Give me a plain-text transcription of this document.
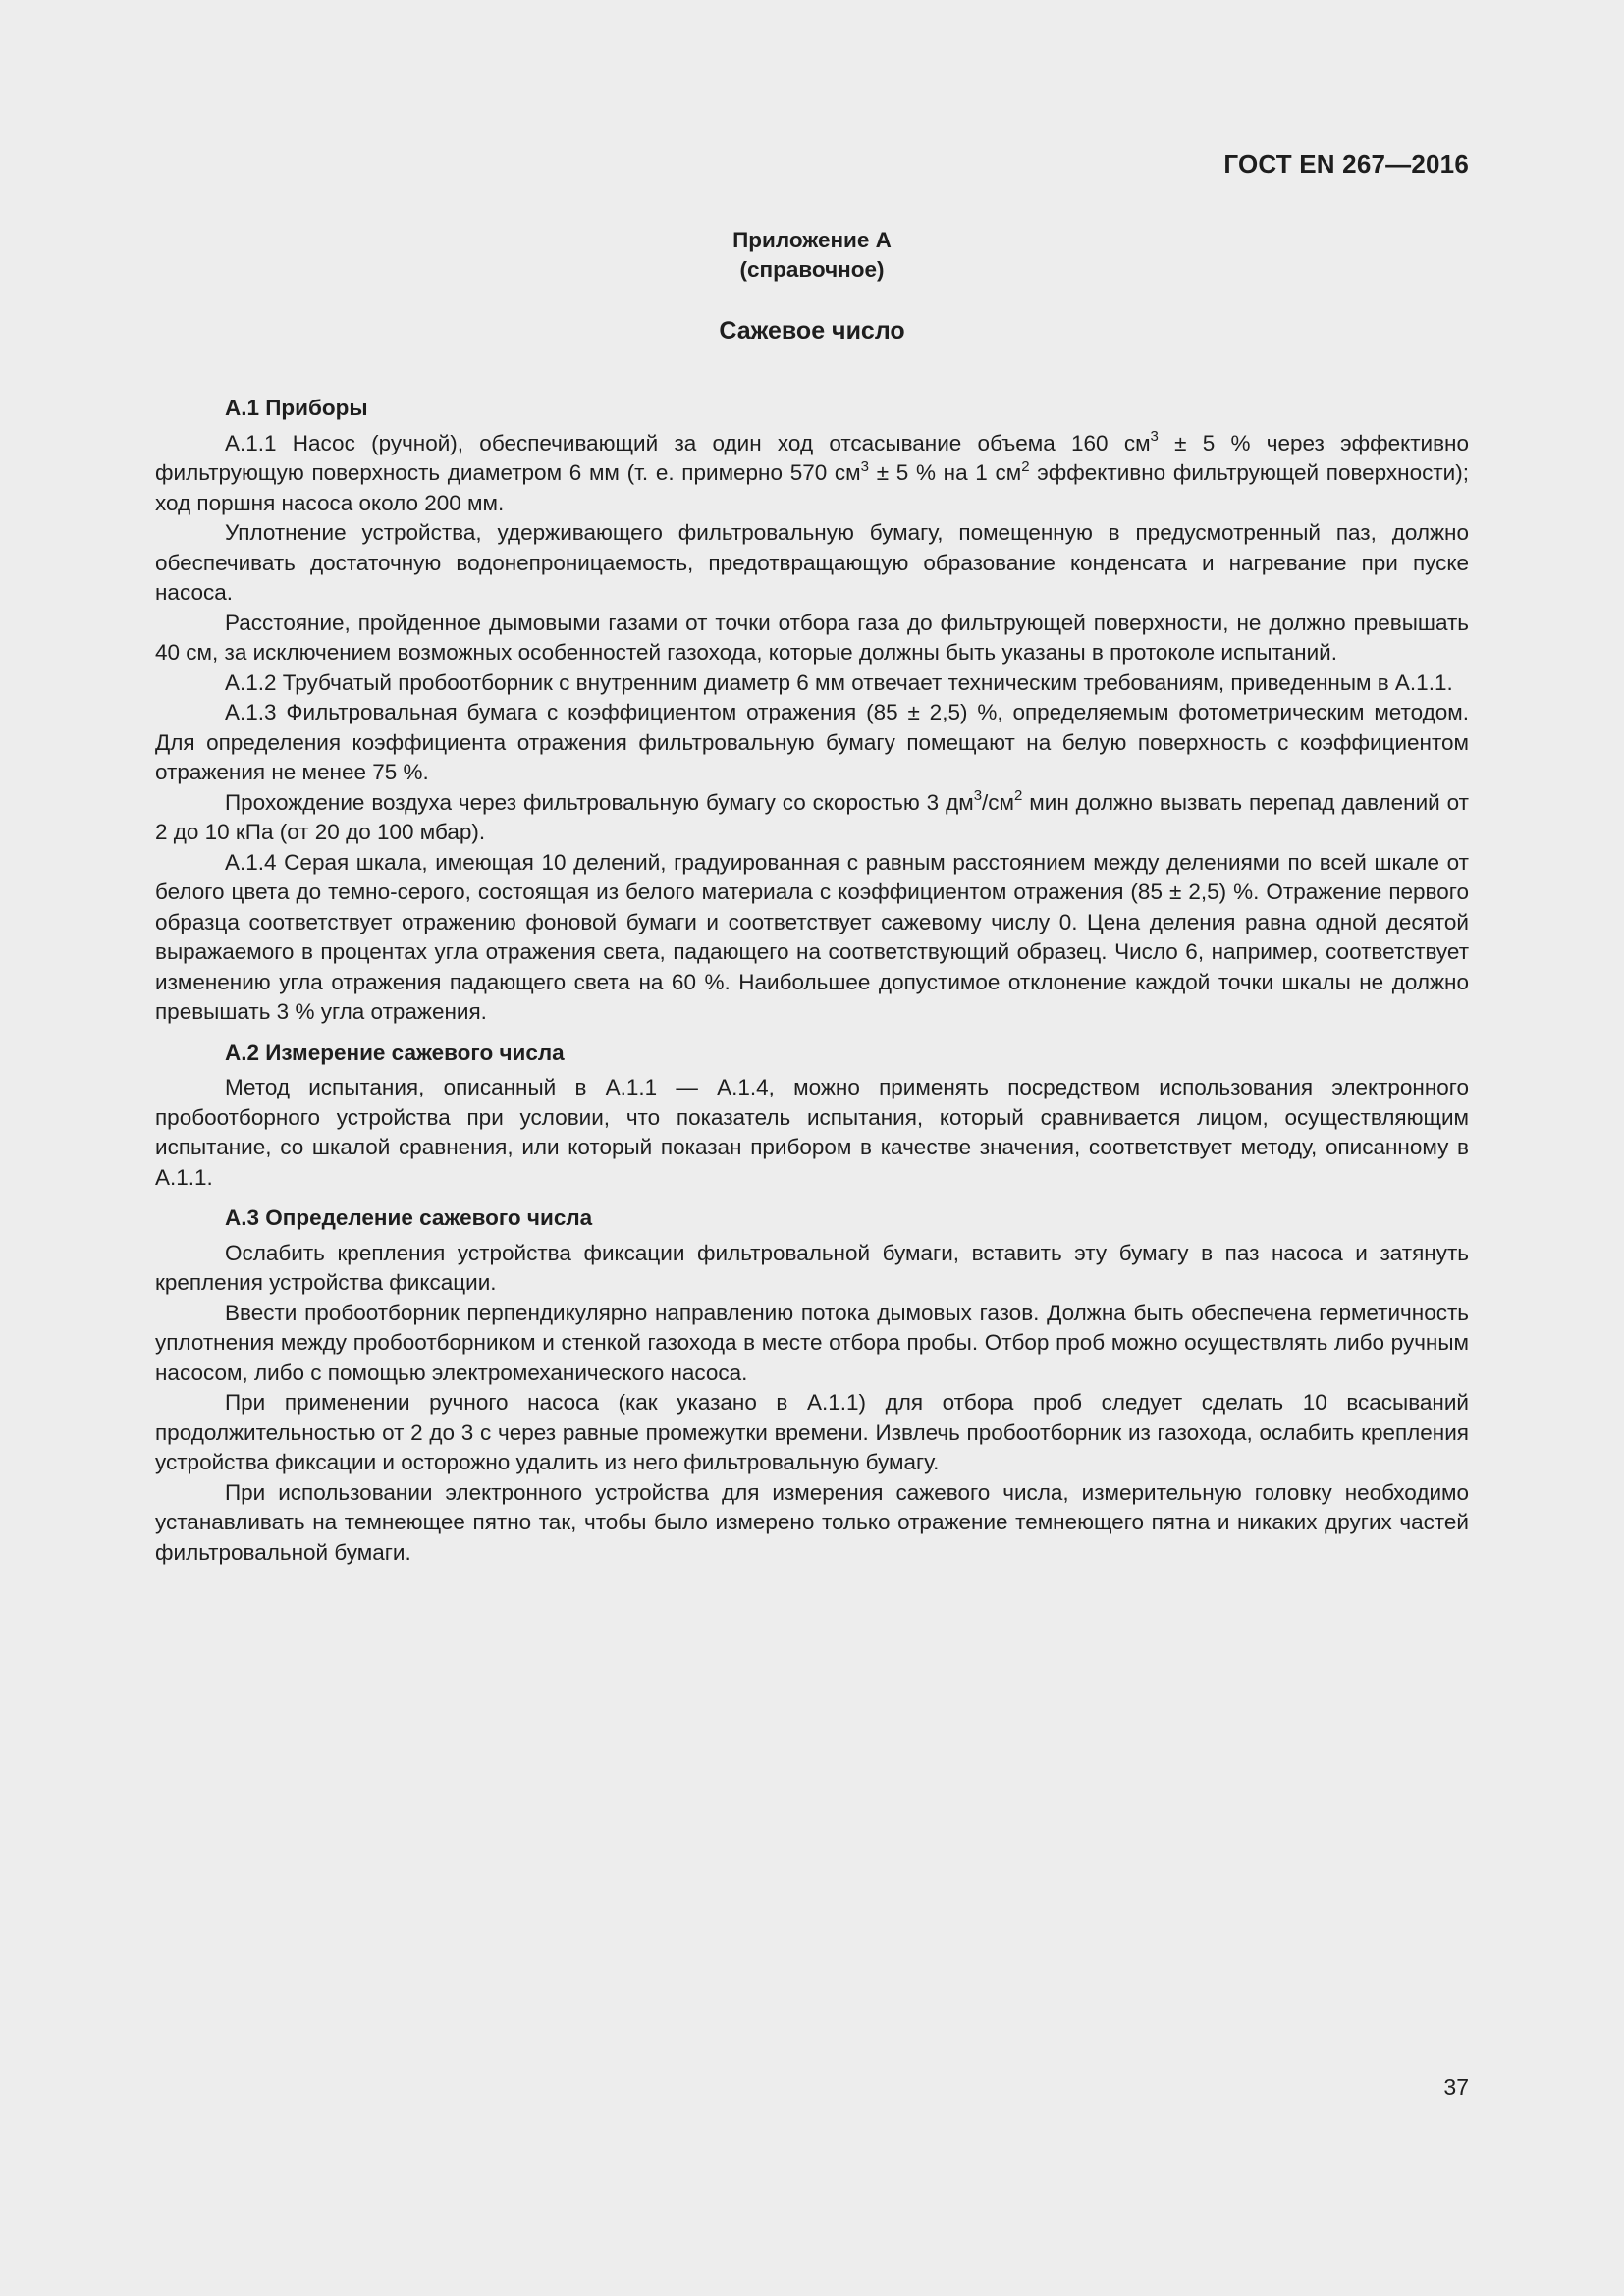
ГОСТ EN 267—2016
Приложение А
(справочное)
Сажевое число
А.1 Приборы

А.1.1 Насос (ручной), обеспечивающий за один ход отсасывание объема 160 $см^3 \pm 5$ % через эффективно фильтрующую поверхность диаметром 6 мм (т. е. примерно 570 $см^3 \pm 5$ % на 1 $см^2$ эффективно фильтрующей поверхности); ход поршня насоса около 200 мм.

Уплотнение устройства, удерживающего фильтровальную бумагу, помещенную в предусмотренный паз, должно обеспечивать достаточную водонепроницаемость, предотвращающую образование конденсата и нагревание при пуске насоса.

Расстояние, пройденное дымовыми газами от точки отбора газа до фильтрующей поверхности, не должно превышать 40 см, за исключением возможных особенностей газохода, которые должны быть указаны в протоколе испытаний.

А.1.2 Трубчатый пробоотборник с внутренним диаметр 6 мм отвечает техническим требованиям, приведенным в А.1.1.

А.1.3 Фильтровальная бумага с коэффициентом отражения (85 ± 2,5) %, определяемым фотометрическим методом. Для определения коэффициента отражения фильтровальную бумагу помещают на белую поверхность с коэффициентом отражения не менее 75 %.

Прохождение воздуха через фильтровальную бумагу со скоростью 3 $дм^3/см^2$ мин должно вызвать перепад давлений от 2 до 10 кПа (от 20 до 100 мбар).

А.1.4 Серая шкала, имеющая 10 делений, градуированная с равным расстоянием между делениями по всей шкале от белого цвета до темно-серого, состоящая из белого материала с коэффициентом отражения (85 ± 2,5) %. Отражение первого образца соответствует отражению фоновой бумаги и соответствует сажевому числу 0. Цена деления равна одной десятой выражаемого в процентах угла отражения света, падающего на соответствующий образец. Число 6, например, соответствует изменению угла отражения падающего света на 60 %. Наибольшее допустимое отклонение каждой точки шкалы не должно превышать 3 % угла отражения.

А.2 Измерение сажевого числа

Метод испытания, описанный в А.1.1 — А.1.4, можно применять посредством использования электронного пробоотборного устройства при условии, что показатель испытания, который сравнивается лицом, осуществляющим испытание, со шкалой сравнения, или который показан прибором в качестве значения, соответствует методу, описанному в А.1.1.

А.3 Определение сажевого числа

Ослабить крепления устройства фиксации фильтровальной бумаги, вставить эту бумагу в паз насоса и затянуть крепления устройства фиксации.

Ввести пробоотборник перпендикулярно направлению потока дымовых газов. Должна быть обеспечена герметичность уплотнения между пробоотборником и стенкой газохода в месте отбора пробы. Отбор проб можно осуществлять либо ручным насосом, либо с помощью электромеханического насоса.

При применении ручного насоса (как указано в А.1.1) для отбора проб следует сделать 10 всасываний продолжительностью от 2 до 3 с через равные промежутки времени. Извлечь пробоотборник из газохода, ослабить крепления устройства фиксации и осторожно удалить из него фильтровальную бумагу.

При использовании электронного устройства для измерения сажевого числа, измерительную головку необходимо устанавливать на темнеющее пятно так, чтобы было измерено только отражение темнеющего пятна и никаких других частей фильтровальной бумаги.

37
